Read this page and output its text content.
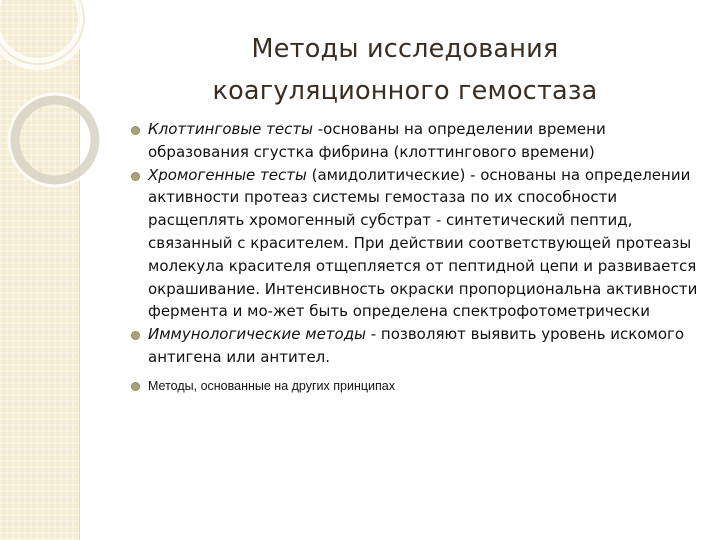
Методы исследования
коагуляционного гемостаза
Клоттинговые тесты -основаны на определении времени образования сгустка фибрина (клоттингового времени)
Хромогенные тесты (амидолитические) - основаны на определении активности протеаз системы гемостаза по их способности расщеплять хромогенный субстрат - синтетический пептид, связанный с красителем. При действии соответствующей протеазы молекула красителя отщепляется от пептидной цепи и развивается окрашивание. Интенсивность окраски пропорциональна активности фермента и мо-жет быть определена спектрофотометрически
Иммунологические методы - позволяют выявить уровень искомого антигена или антител.
Методы, основанные на других принципах
